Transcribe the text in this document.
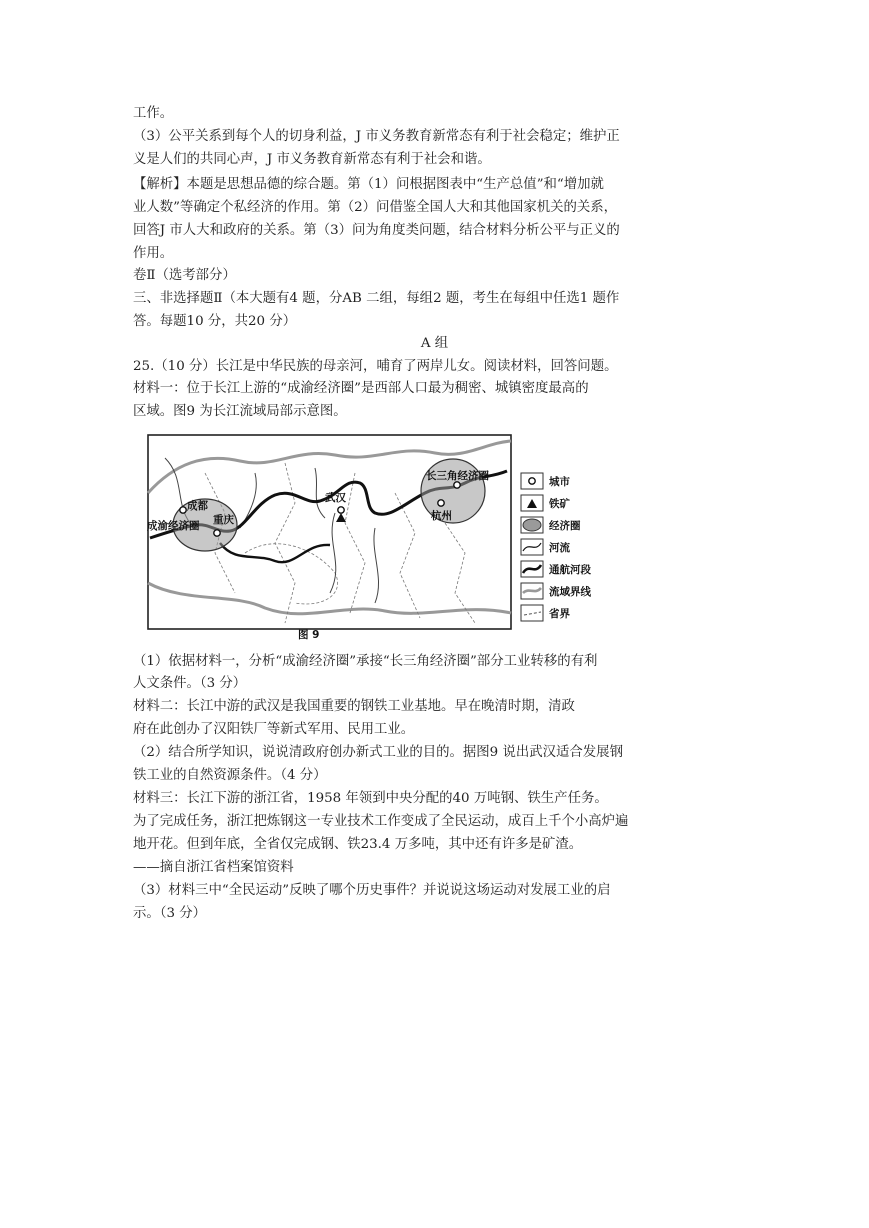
工作。
（3）公平关系到每个人的切身利益，J 市义务教育新常态有利于社会稳定；维护正
义是人们的共同心声，J 市义务教育新常态有利于社会和谐。
【解析】本题是思想品德的综合题。第（1）问根据图表中“生产总值”和“增加就
业人数”等确定个私经济的作用。第（2）问借鉴全国人大和其他国家机关的关系，
回答J 市人大和政府的关系。第（3）问为角度类问题，结合材料分析公平与正义的
作用。
卷Ⅱ（选考部分）
三、非选择题Ⅱ（本大题有4 题，分AB 二组，每组2 题，考生在每组中任选1 题作
答。每题10 分，共20 分）
A 组
25.（10 分）长江是中华民族的母亲河，哺育了两岸儿女。阅读材料，回答问题。
材料一：位于长江上游的“成渝经济圈”是西部人口最为稠密、城镇密度最高的
区域。图9 为长江流域局部示意图。
成都
成渝经济圈 重庆
武汉
长三角经济圈
杭州
图 9
城市
铁矿
经济圈
河流
通航河段
流域界线
省界
（1）依据材料一，分析“成渝经济圈”承接“长三角经济圈”部分工业转移的有利
人文条件。（3 分）
材料二：长江中游的武汉是我国重要的钢铁工业基地。早在晚清时期，清政
府在此创办了汉阳铁厂等新式军用、民用工业。
（2）结合所学知识，说说清政府创办新式工业的目的。据图9 说出武汉适合发展钢
铁工业的自然资源条件。（4 分）
材料三：长江下游的浙江省，1958 年领到中央分配的40 万吨钢、铁生产任务。
为了完成任务，浙江把炼钢这一专业技术工作变成了全民运动，成百上千个小高炉遍
地开花。但到年底，全省仅完成钢、铁23.4 万多吨，其中还有许多是矿渣。
——摘自浙江省档案馆资料
（3）材料三中“全民运动”反映了哪个历史事件？并说说这场运动对发展工业的启
示。（3 分）
